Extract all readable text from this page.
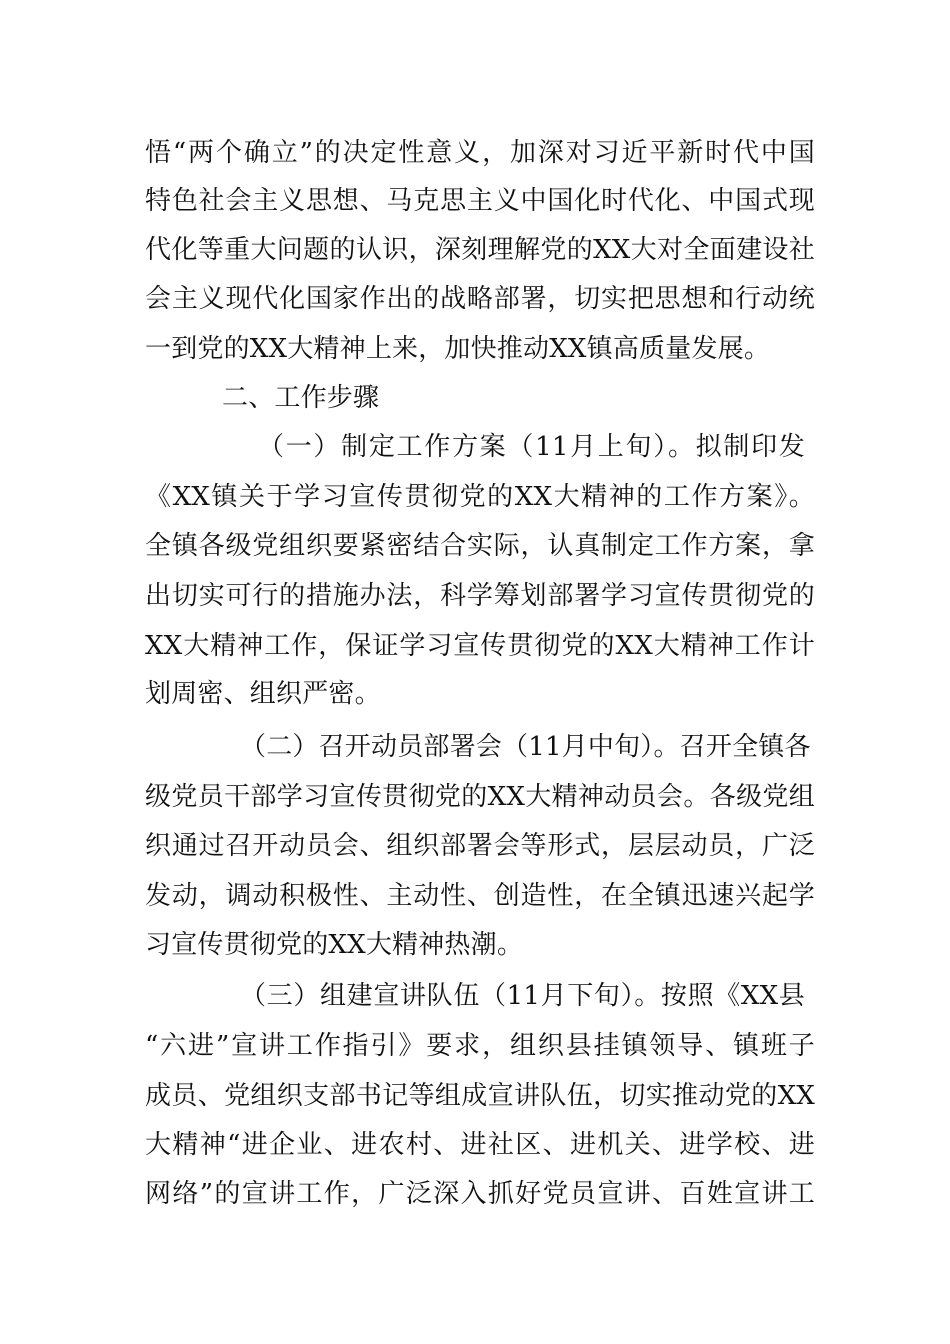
悟“两个确立”的决定性意义，加深对习近平新时代中国
特色社会主义思想、马克思主义中国化时代化、中国式现
代化等重大问题的认识，深刻理解党的XX大对全面建设社
会主义现代化国家作出的战略部署，切实把思想和行动统
一到党的XX大精神上来，加快推动XX镇高质量发展。
二、工作步骤
（一）制定工作方案（11月上旬）。拟制印发
《XX镇关于学习宣传贯彻党的XX大精神的工作方案》。
全镇各级党组织要紧密结合实际，认真制定工作方案，拿
出切实可行的措施办法，科学筹划部署学习宣传贯彻党的
XX大精神工作，保证学习宣传贯彻党的XX大精神工作计
划周密、组织严密。
（二）召开动员部署会（11月中旬）。召开全镇各
级党员干部学习宣传贯彻党的XX大精神动员会。各级党组
织通过召开动员会、组织部署会等形式，层层动员，广泛
发动，调动积极性、主动性、创造性，在全镇迅速兴起学
习宣传贯彻党的XX大精神热潮。
（三）组建宣讲队伍（11月下旬）。按照《XX县
“六进”宣讲工作指引》要求，组织县挂镇领导、镇班子
成员、党组织支部书记等组成宣讲队伍，切实推动党的XX
大精神“进企业、进农村、进社区、进机关、进学校、进
网络”的宣讲工作，广泛深入抓好党员宣讲、百姓宣讲工
